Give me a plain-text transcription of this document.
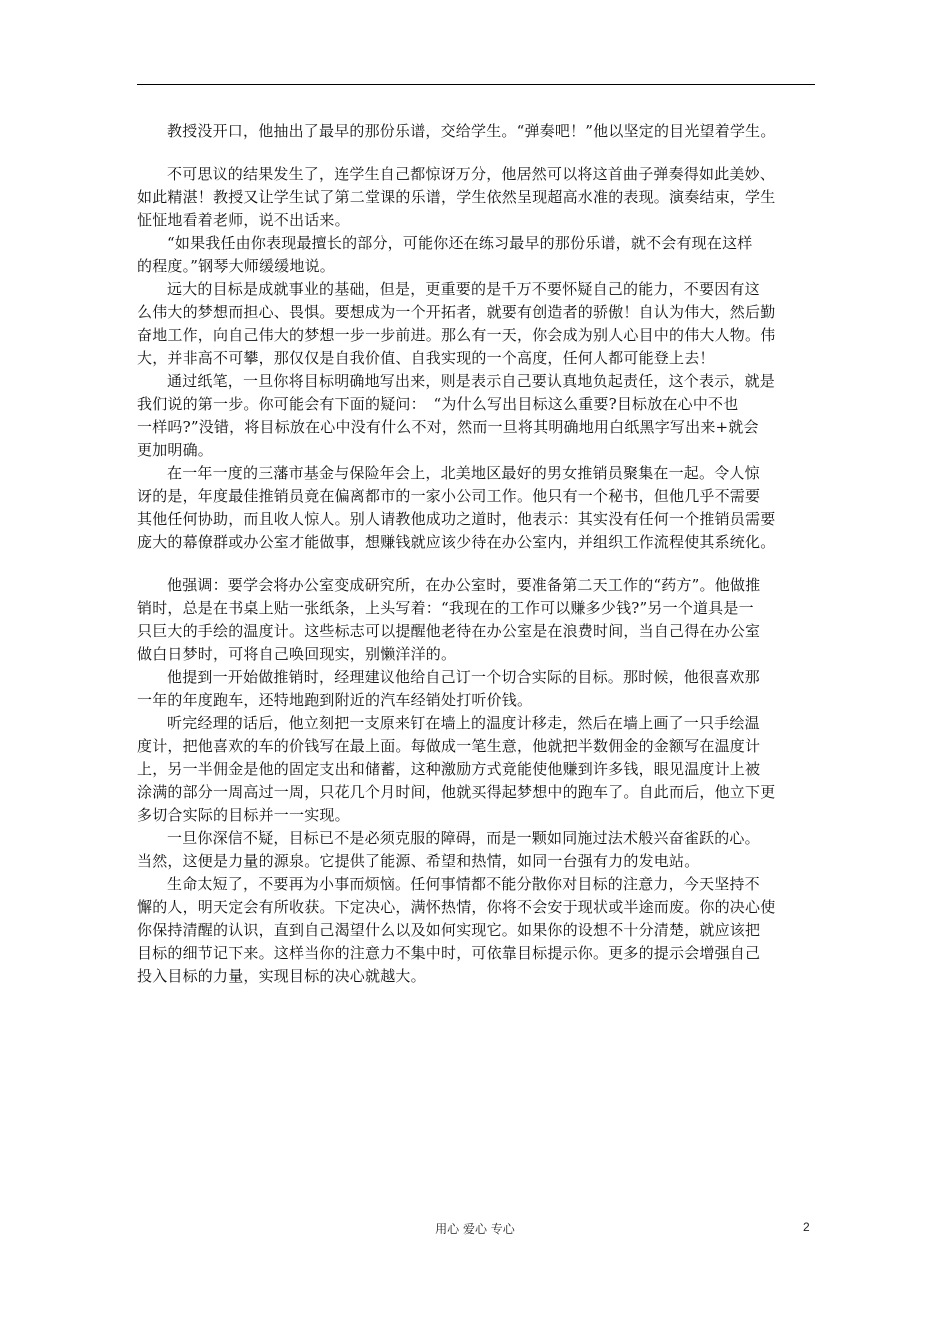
教授没开口，他抽出了最早的那份乐谱，交给学生。“弹奏吧！”他以坚定的目光望着学生。

不可思议的结果发生了，连学生自己都惊讶万分，他居然可以将这首曲子弹奏得如此美妙、
如此精湛！教授又让学生试了第二堂课的乐谱，学生依然呈现超高水准的表现。演奏结束，学生
怔怔地看着老师，说不出话来。

“如果我任由你表现最擅长的部分，可能你还在练习最早的那份乐谱，就不会有现在这样
的程度。”钢琴大师缓缓地说。

远大的目标是成就事业的基础，但是，更重要的是千万不要怀疑自己的能力，不要因有这
么伟大的梦想而担心、畏惧。要想成为一个开拓者，就要有创造者的骄傲！自认为伟大，然后勤
奋地工作，向自己伟大的梦想一步一步前进。那么有一天，你会成为别人心目中的伟大人物。伟
大，并非高不可攀，那仅仅是自我价值、自我实现的一个高度，任何人都可能登上去！

通过纸笔，一旦你将目标明确地写出来，则是表示自己要认真地负起责任，这个表示，就是
我们说的第一步。你可能会有下面的疑问：　“为什么写出目标这么重要?目标放在心中不也
一样吗?”没错，将目标放在心中没有什么不对，然而一旦将其明确地用白纸黑字写出来+就会
更加明确。

在一年一度的三藩市基金与保险年会上，北美地区最好的男女推销员聚集在一起。令人惊
讶的是，年度最佳推销员竟在偏离都市的一家小公司工作。他只有一个秘书，但他几乎不需要
其他任何协助，而且收人惊人。别人请教他成功之道时，他表示：其实没有任何一个推销员需要
庞大的幕僚群或办公室才能做事，想赚钱就应该少待在办公室内，并组织工作流程使其系统化。

他强调：要学会将办公室变成研究所，在办公室时，要准备第二天工作的“药方”。他做推
销时，总是在书桌上贴一张纸条，上头写着：“我现在的工作可以赚多少钱?”另一个道具是一
只巨大的手绘的温度计。这些标志可以提醒他老待在办公室是在浪费时间，当自己得在办公室
做白日梦时，可将自己唤回现实，别懒洋洋的。

他提到一开始做推销时，经理建议他给自己订一个切合实际的目标。那时候，他很喜欢那
一年的年度跑车，还特地跑到附近的汽车经销处打听价钱。

听完经理的话后，他立刻把一支原来钉在墙上的温度计移走，然后在墙上画了一只手绘温
度计，把他喜欢的车的价钱写在最上面。每做成一笔生意，他就把半数佣金的金额写在温度计
上，另一半佣金是他的固定支出和储蓄，这种激励方式竟能使他赚到许多钱，眼见温度计上被
涂满的部分一周高过一周，只花几个月时间，他就买得起梦想中的跑车了。自此而后，他立下更
多切合实际的目标并一一实现。

一旦你深信不疑，目标已不是必须克服的障碍，而是一颗如同施过法术般兴奋雀跃的心。
当然，这便是力量的源泉。它提供了能源、希望和热情，如同一台强有力的发电站。

生命太短了，不要再为小事而烦恼。任何事情都不能分散你对目标的注意力，今天坚持不
懈的人，明天定会有所收获。下定决心，满怀热情，你将不会安于现状或半途而废。你的决心使
你保持清醒的认识，直到自己渴望什么以及如何实现它。如果你的设想不十分清楚，就应该把
目标的细节记下来。这样当你的注意力不集中时，可依靠目标提示你。更多的提示会增强自己
投入目标的力量，实现目标的决心就越大。

用心 爱心 专心	2
